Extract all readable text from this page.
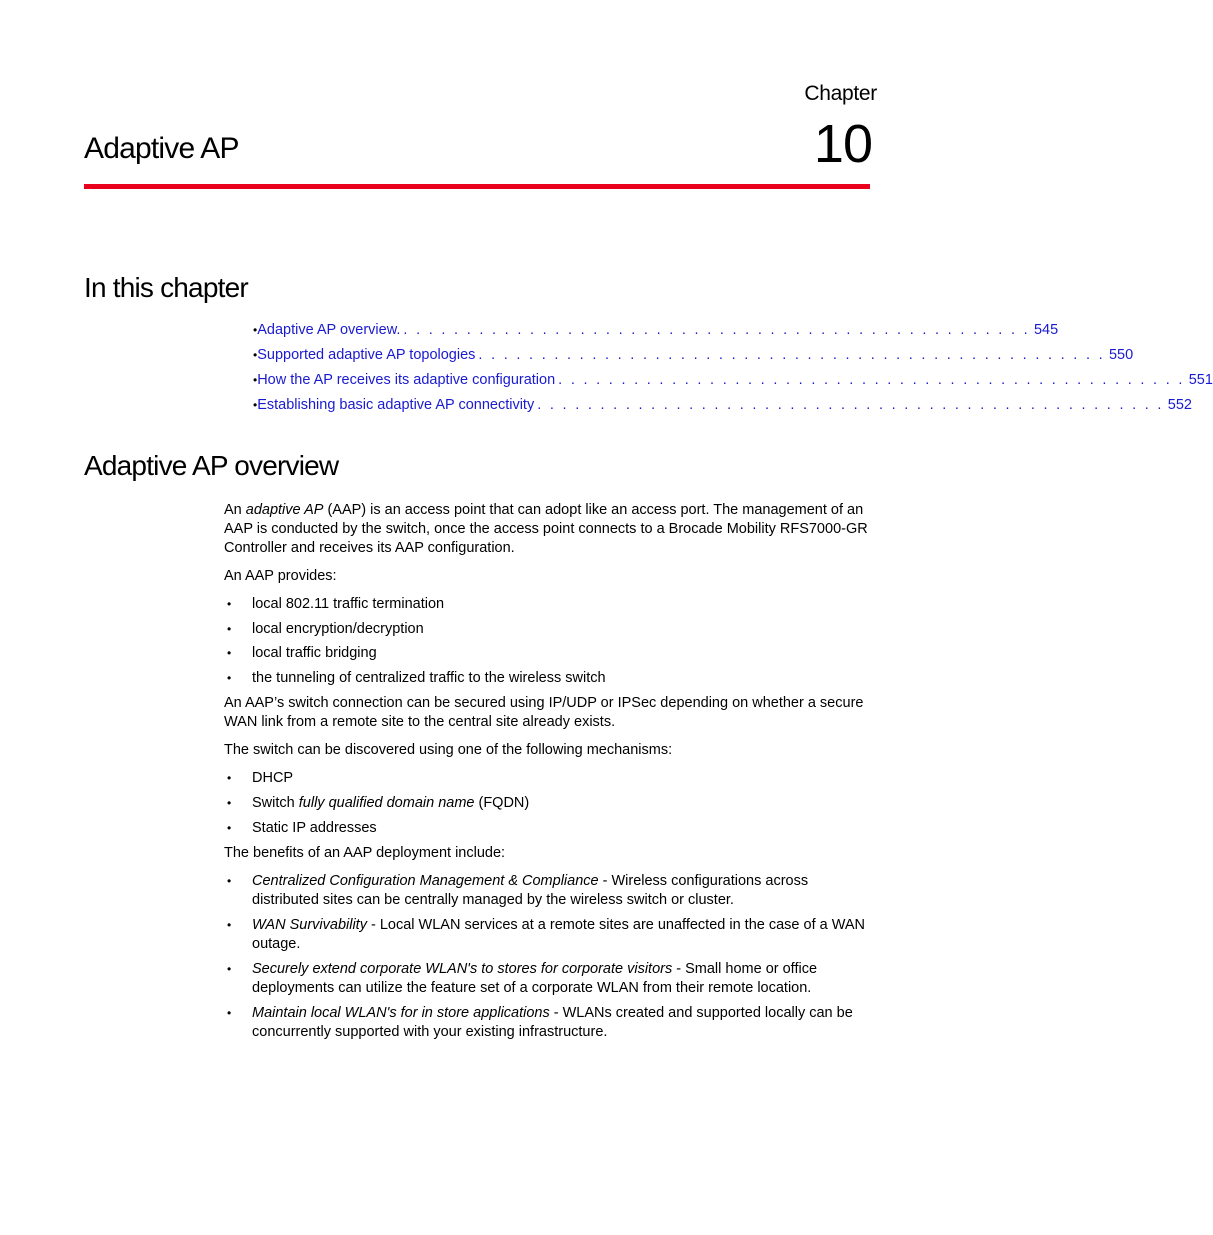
Chapter
10
Adaptive AP
In this chapter
• Adaptive AP overview. . . . . . . . . . . . . . . . . . . . . . . . . . . . . . . . . . . . . . . . . . . . . . . . . . . 545
• Supported adaptive AP topologies . . . . . . . . . . . . . . . . . . . . . . . . . . . . . . . . . . . . . . . . . . . . . . . . . . 550
• How the AP receives its adaptive configuration . . . . . . . . . . . . . . . . . . . . . . . . . . . . . . . . . . . . . . . . . . . . . . . . . . 551
• Establishing basic adaptive AP connectivity . . . . . . . . . . . . . . . . . . . . . . . . . . . . . . . . . . . . . . . . . . . . . . . . . . 552
Adaptive AP overview

An adaptive AP (AAP) is an access point that can adopt like an access port. The management of an AAP is conducted by the switch, once the access point connects to a Brocade Mobility RFS7000-GR Controller and receives its AAP configuration.

An AAP provides:
• local 802.11 traffic termination
• local encryption/decryption
• local traffic bridging
• the tunneling of centralized traffic to the wireless switch
An AAP’s switch connection can be secured using IP/UDP or IPSec depending on whether a secure WAN link from a remote site to the central site already exists.
The switch can be discovered using one of the following mechanisms:
• DHCP
• Switch fully qualified domain name (FQDN)
• Static IP addresses
The benefits of an AAP deployment include:
• Centralized Configuration Management & Compliance - Wireless configurations across distributed sites can be centrally managed by the wireless switch or cluster.
• WAN Survivability - Local WLAN services at a remote sites are unaffected in the case of a WAN outage.
• Securely extend corporate WLAN's to stores for corporate visitors - Small home or office deployments can utilize the feature set of a corporate WLAN from their remote location.
• Maintain local WLAN's for in store applications - WLANs created and supported locally can be concurrently supported with your existing infrastructure.
